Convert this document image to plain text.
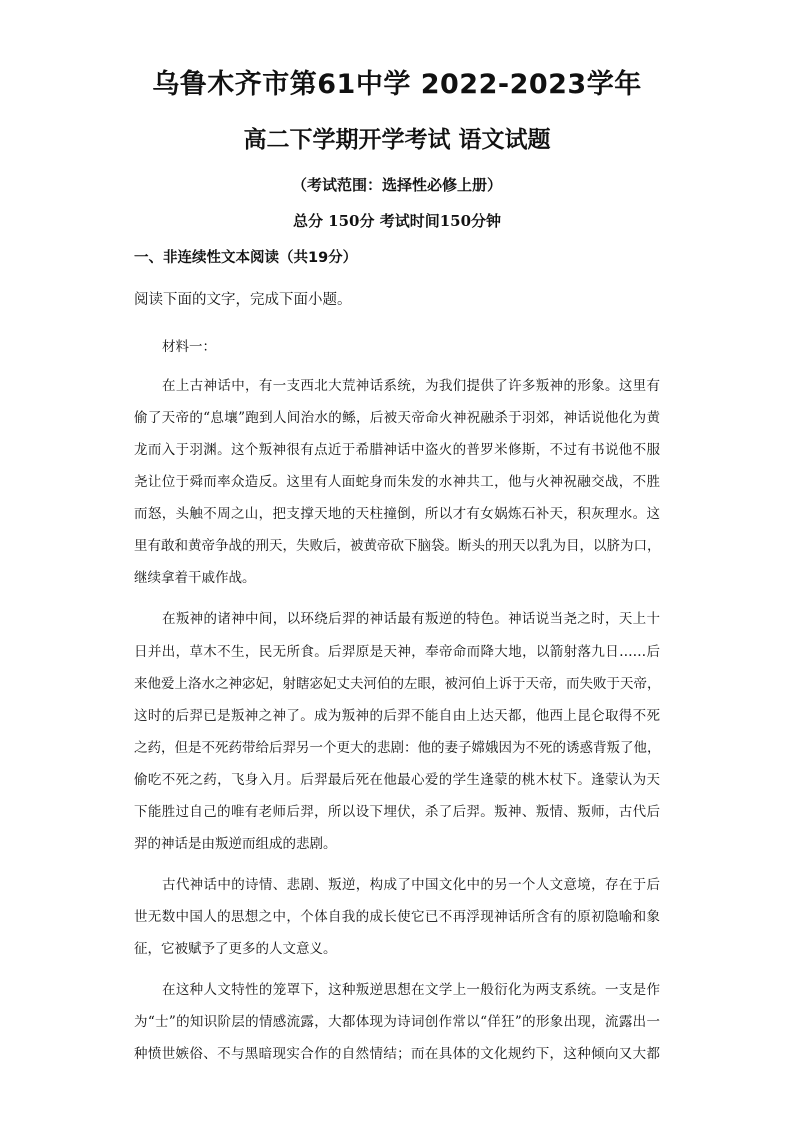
乌鲁木齐市第61中学 2022-2023学年
高二下学期开学考试 语文试题
（考试范围：选择性必修上册）
总分 150分 考试时间150分钟
一、非连续性文本阅读（共19分）
阅读下面的文字，完成下面小题。
材料一：
在上古神话中，有一支西北大荒神话系统，为我们提供了许多叛神的形象。这里有
偷了天帝的“息壤”跑到人间治水的鲧，后被天帝命火神祝融杀于羽郊，神话说他化为黄
龙而入于羽渊。这个叛神很有点近于希腊神话中盗火的普罗米修斯，不过有书说他不服
尧让位于舜而率众造反。这里有人面蛇身而朱发的水神共工，他与火神祝融交战，不胜
而怒，头触不周之山，把支撑天地的天柱撞倒，所以才有女娲炼石补天，积灰理水。这
里有敢和黄帝争战的刑天，失败后，被黄帝砍下脑袋。断头的刑天以乳为目，以脐为口，
继续拿着干戚作战。
在叛神的诸神中间，以环绕后羿的神话最有叛逆的特色。神话说当尧之时，天上十
日并出，草木不生，民无所食。后羿原是天神，奉帝命而降大地，以箭射落九日……后
来他爱上洛水之神宓妃，射瞎宓妃丈夫河伯的左眼，被河伯上诉于天帝，而失败于天帝，
这时的后羿已是叛神之神了。成为叛神的后羿不能自由上达天都，他西上昆仑取得不死
之药，但是不死药带给后羿另一个更大的悲剧：他的妻子嫦娥因为不死的诱惑背叛了他，
偷吃不死之药，飞身入月。后羿最后死在他最心爱的学生逢蒙的桃木杖下。逢蒙认为天
下能胜过自己的唯有老师后羿，所以设下埋伏，杀了后羿。叛神、叛情、叛师，古代后
羿的神话是由叛逆而组成的悲剧。
古代神话中的诗情、悲剧、叛逆，构成了中国文化中的另一个人文意境，存在于后
世无数中国人的思想之中，个体自我的成长使它已不再浮现神话所含有的原初隐喻和象
征，它被赋予了更多的人文意义。
在这种人文特性的笼罩下，这种叛逆思想在文学上一般衍化为两支系统。一支是作
为“士”的知识阶层的情感流露，大都体现为诗词创作常以“佯狂”的形象出现，流露出一
种愤世嫉俗、不与黑暗现实合作的自然情结；而在具体的文化规约下，这种倾向又大都
